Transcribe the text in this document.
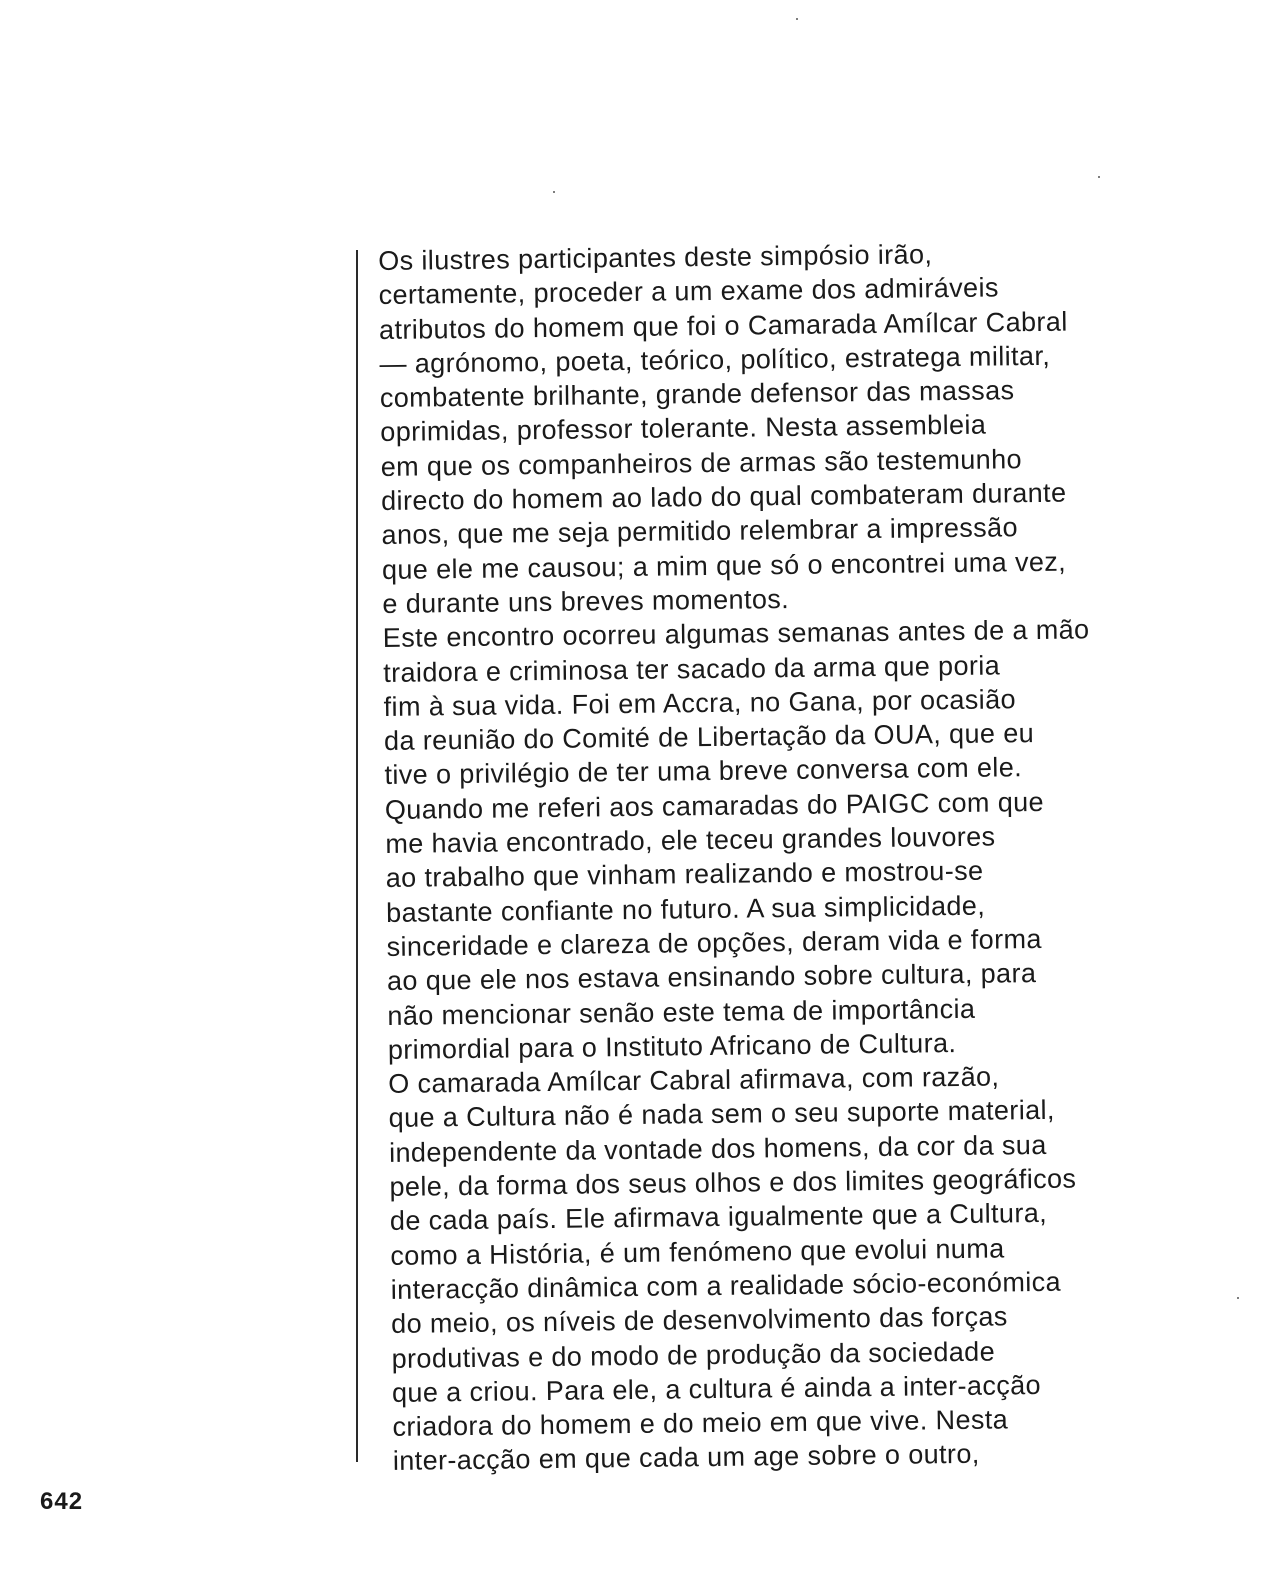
Os ilustres participantes deste simpósio irão,
certamente, proceder a um exame dos admiráveis
atributos do homem que foi o Camarada Amílcar Cabral
— agrónomo, poeta, teórico, político, estratega militar,
combatente brilhante, grande defensor das massas
oprimidas, professor tolerante. Nesta assembleia
em que os companheiros de armas são testemunho
directo do homem ao lado do qual combateram durante
anos, que me seja permitido relembrar a impressão
que ele me causou; a mim que só o encontrei uma vez,
e durante uns breves momentos.
Este encontro ocorreu algumas semanas antes de a mão
traidora e criminosa ter sacado da arma que poria
fim à sua vida. Foi em Accra, no Gana, por ocasião
da reunião do Comité de Libertação da OUA, que eu
tive o privilégio de ter uma breve conversa com ele.
Quando me referi aos camaradas do PAIGC com que
me havia encontrado, ele teceu grandes louvores
ao trabalho que vinham realizando e mostrou-se
bastante confiante no futuro. A sua simplicidade,
sinceridade e clareza de opções, deram vida e forma
ao que ele nos estava ensinando sobre cultura, para
não mencionar senão este tema de importância
primordial para o Instituto Africano de Cultura.
O camarada Amílcar Cabral afirmava, com razão,
que a Cultura não é nada sem o seu suporte material,
independente da vontade dos homens, da cor da sua
pele, da forma dos seus olhos e dos limites geográficos
de cada país. Ele afirmava igualmente que a Cultura,
como a História, é um fenómeno que evolui numa
interacção dinâmica com a realidade sócio-económica
do meio, os níveis de desenvolvimento das forças
produtivas e do modo de produção da sociedade
que a criou. Para ele, a cultura é ainda a inter-acção
criadora do homem e do meio em que vive. Nesta
inter-acção em que cada um age sobre o outro,
642
